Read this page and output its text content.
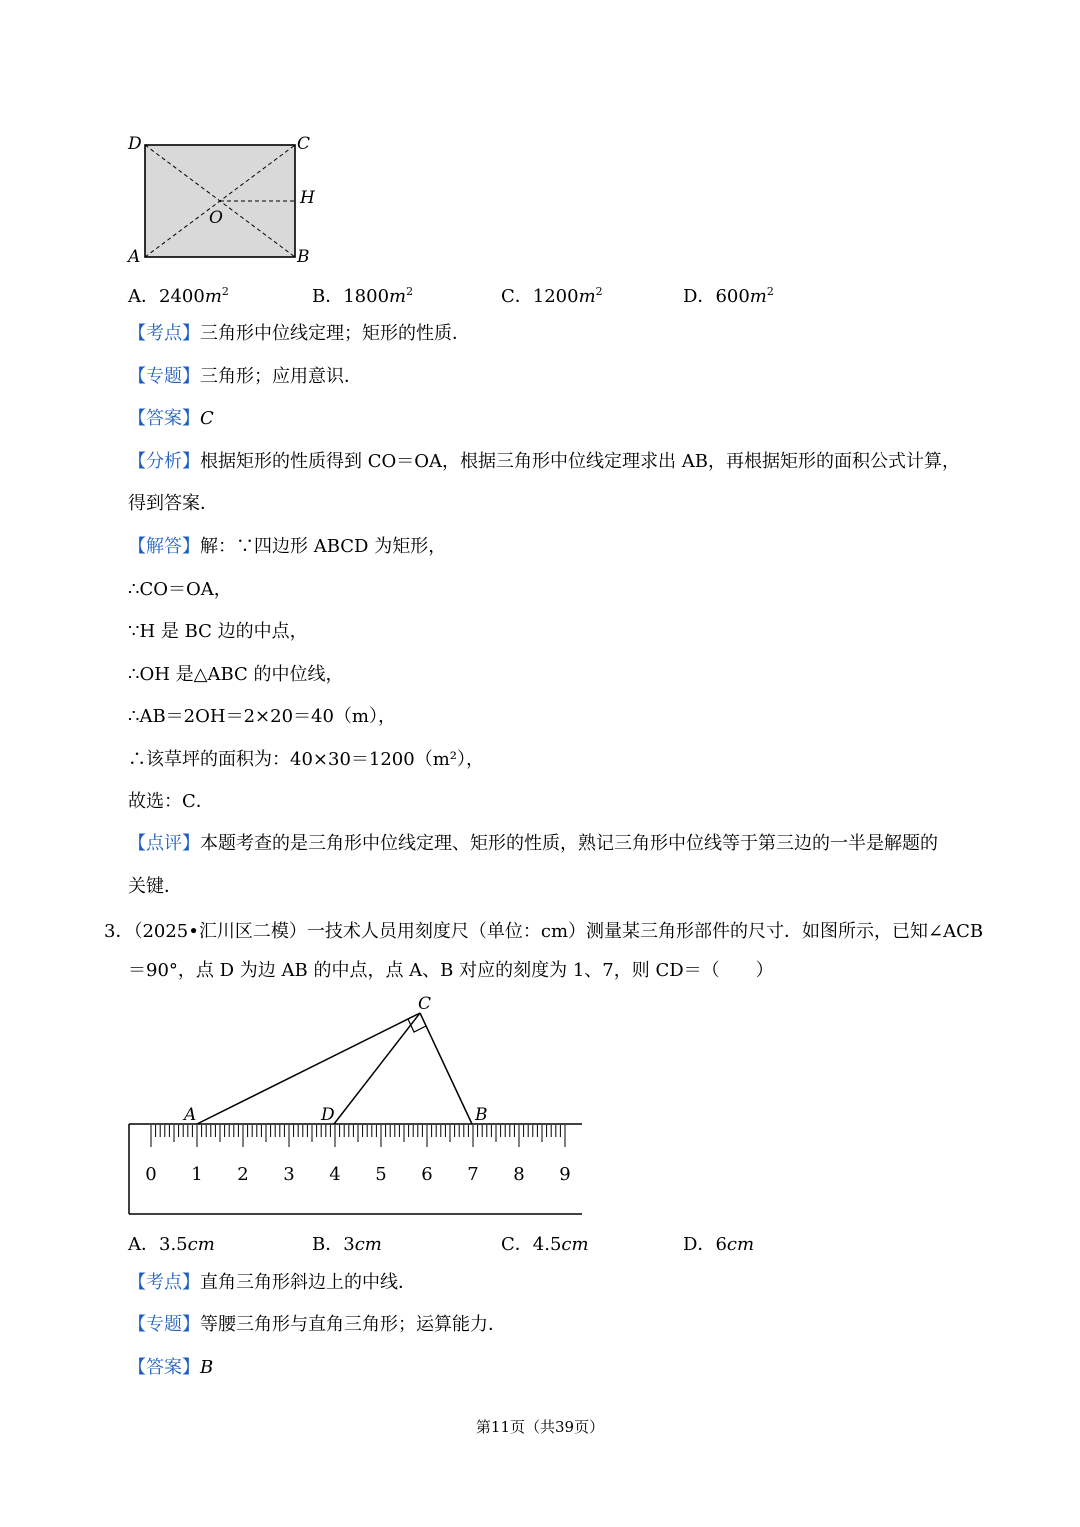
D	C
H
O
A	B
A．$2400m^2$	B．$1800m^2$	C．$1200m^2$	D．$600m^2$
【考点】三角形中位线定理；矩形的性质．
【专题】三角形；应用意识．
【答案】C
【分析】根据矩形的性质得到 CO＝OA，根据三角形中位线定理求出 AB，再根据矩形的面积公式计算，
得到答案．
【解答】解：∵四边形 ABCD 为矩形，
∴CO＝OA，
∵H 是 BC 边的中点，
∴OH 是△ABC 的中位线，
∴AB＝2OH＝2×20＝40（m），
∴该草坪的面积为：40×30＝1200（m²），
故选：C．
【点评】本题考查的是三角形中位线定理、矩形的性质，熟记三角形中位线等于第三边的一半是解题的
关键．
3．（2025•汇川区二模）一技术人员用刻度尺（单位：cm）测量某三角形部件的尺寸．如图所示，已知∠ACB
＝90°，点 D 为边 AB 的中点，点 A、B 对应的刻度为 1、7，则 CD＝（　　）
C
A	D	B
0 1 2 3 4 5 6 7 8 9
A．3.5cm	B．3cm	C．4.5cm	D．6cm
【考点】直角三角形斜边上的中线．
【专题】等腰三角形与直角三角形；运算能力．
【答案】B
第11页（共39页）
